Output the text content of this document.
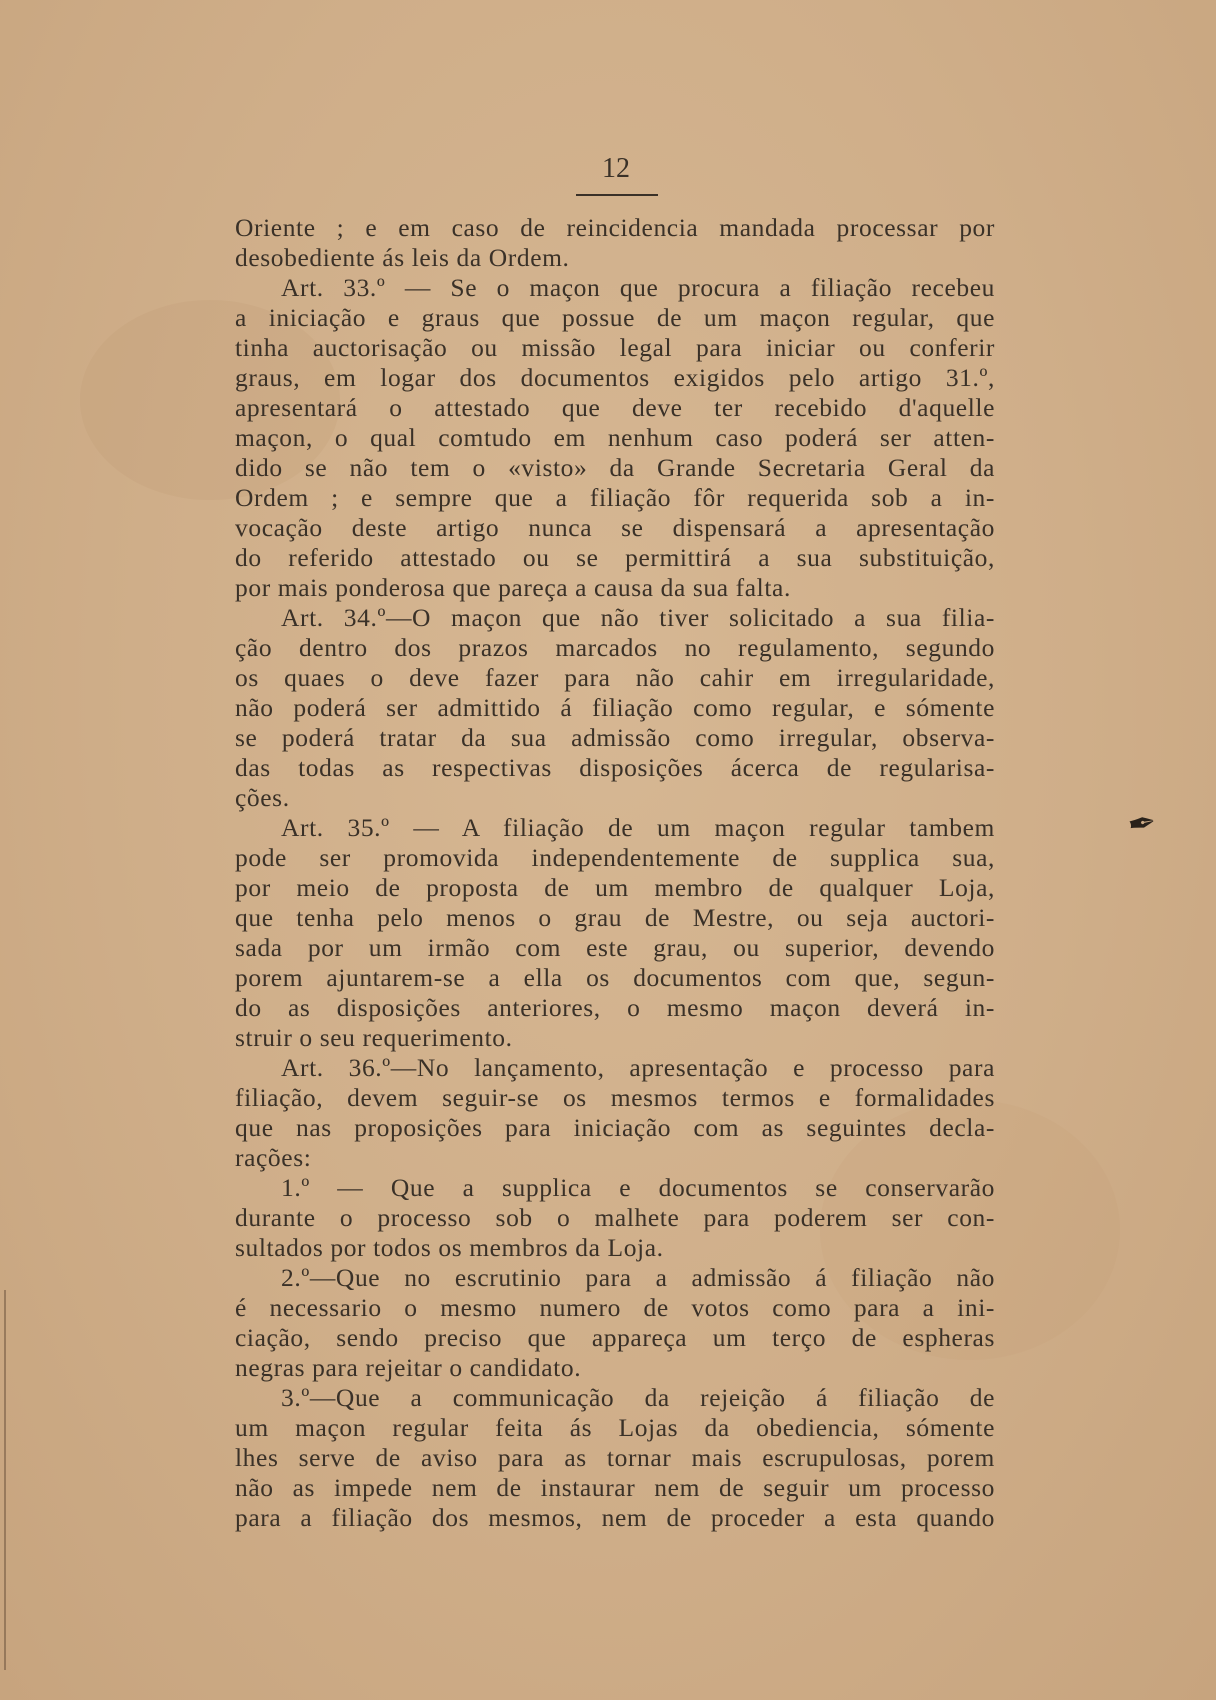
12
Oriente ; e em caso de reincidencia mandada processar por
desobediente ás leis da Ordem.
Art. 33.º — Se o maçon que procura a filiação recebeu
a iniciação e graus que possue de um maçon regular, que
tinha auctorisação ou missão legal para iniciar ou conferir
graus, em logar dos documentos exigidos pelo artigo 31.º,
apresentará o attestado que deve ter recebido d'aquelle
maçon, o qual comtudo em nenhum caso poderá ser atten-
dido se não tem o «visto» da Grande Secretaria Geral da
Ordem ; e sempre que a filiação fôr requerida sob a in-
vocação deste artigo nunca se dispensará a apresentação
do referido attestado ou se permittirá a sua substituição,
por mais ponderosa que pareça a causa da sua falta.
Art. 34.º—O maçon que não tiver solicitado a sua filia-
ção dentro dos prazos marcados no regulamento, segundo
os quaes o deve fazer para não cahir em irregularidade,
não poderá ser admittido á filiação como regular, e sómente
se poderá tratar da sua admissão como irregular, observa-
das todas as respectivas disposições ácerca de regularisa-
ções.
Art. 35.º — A filiação de um maçon regular tambem
pode ser promovida independentemente de supplica sua,
por meio de proposta de um membro de qualquer Loja,
que tenha pelo menos o grau de Mestre, ou seja auctori-
sada por um irmão com este grau, ou superior, devendo
porem ajuntarem-se a ella os documentos com que, segun-
do as disposições anteriores, o mesmo maçon deverá in-
struir o seu requerimento.
Art. 36.º—No lançamento, apresentação e processo para
filiação, devem seguir-se os mesmos termos e formalidades
que nas proposições para iniciação com as seguintes decla-
rações:
1.º — Que a supplica e documentos se conservarão
durante o processo sob o malhete para poderem ser con-
sultados por todos os membros da Loja.
2.º—Que no escrutinio para a admissão á filiação não
é necessario o mesmo numero de votos como para a ini-
ciação, sendo preciso que appareça um terço de espheras
negras para rejeitar o candidato.
3.º—Que a communicação da rejeição á filiação de
um maçon regular feita ás Lojas da obediencia, sómente
lhes serve de aviso para as tornar mais escrupulosas, porem
não as impede nem de instaurar nem de seguir um processo
para a filiação dos mesmos, nem de proceder a esta quando
✒
